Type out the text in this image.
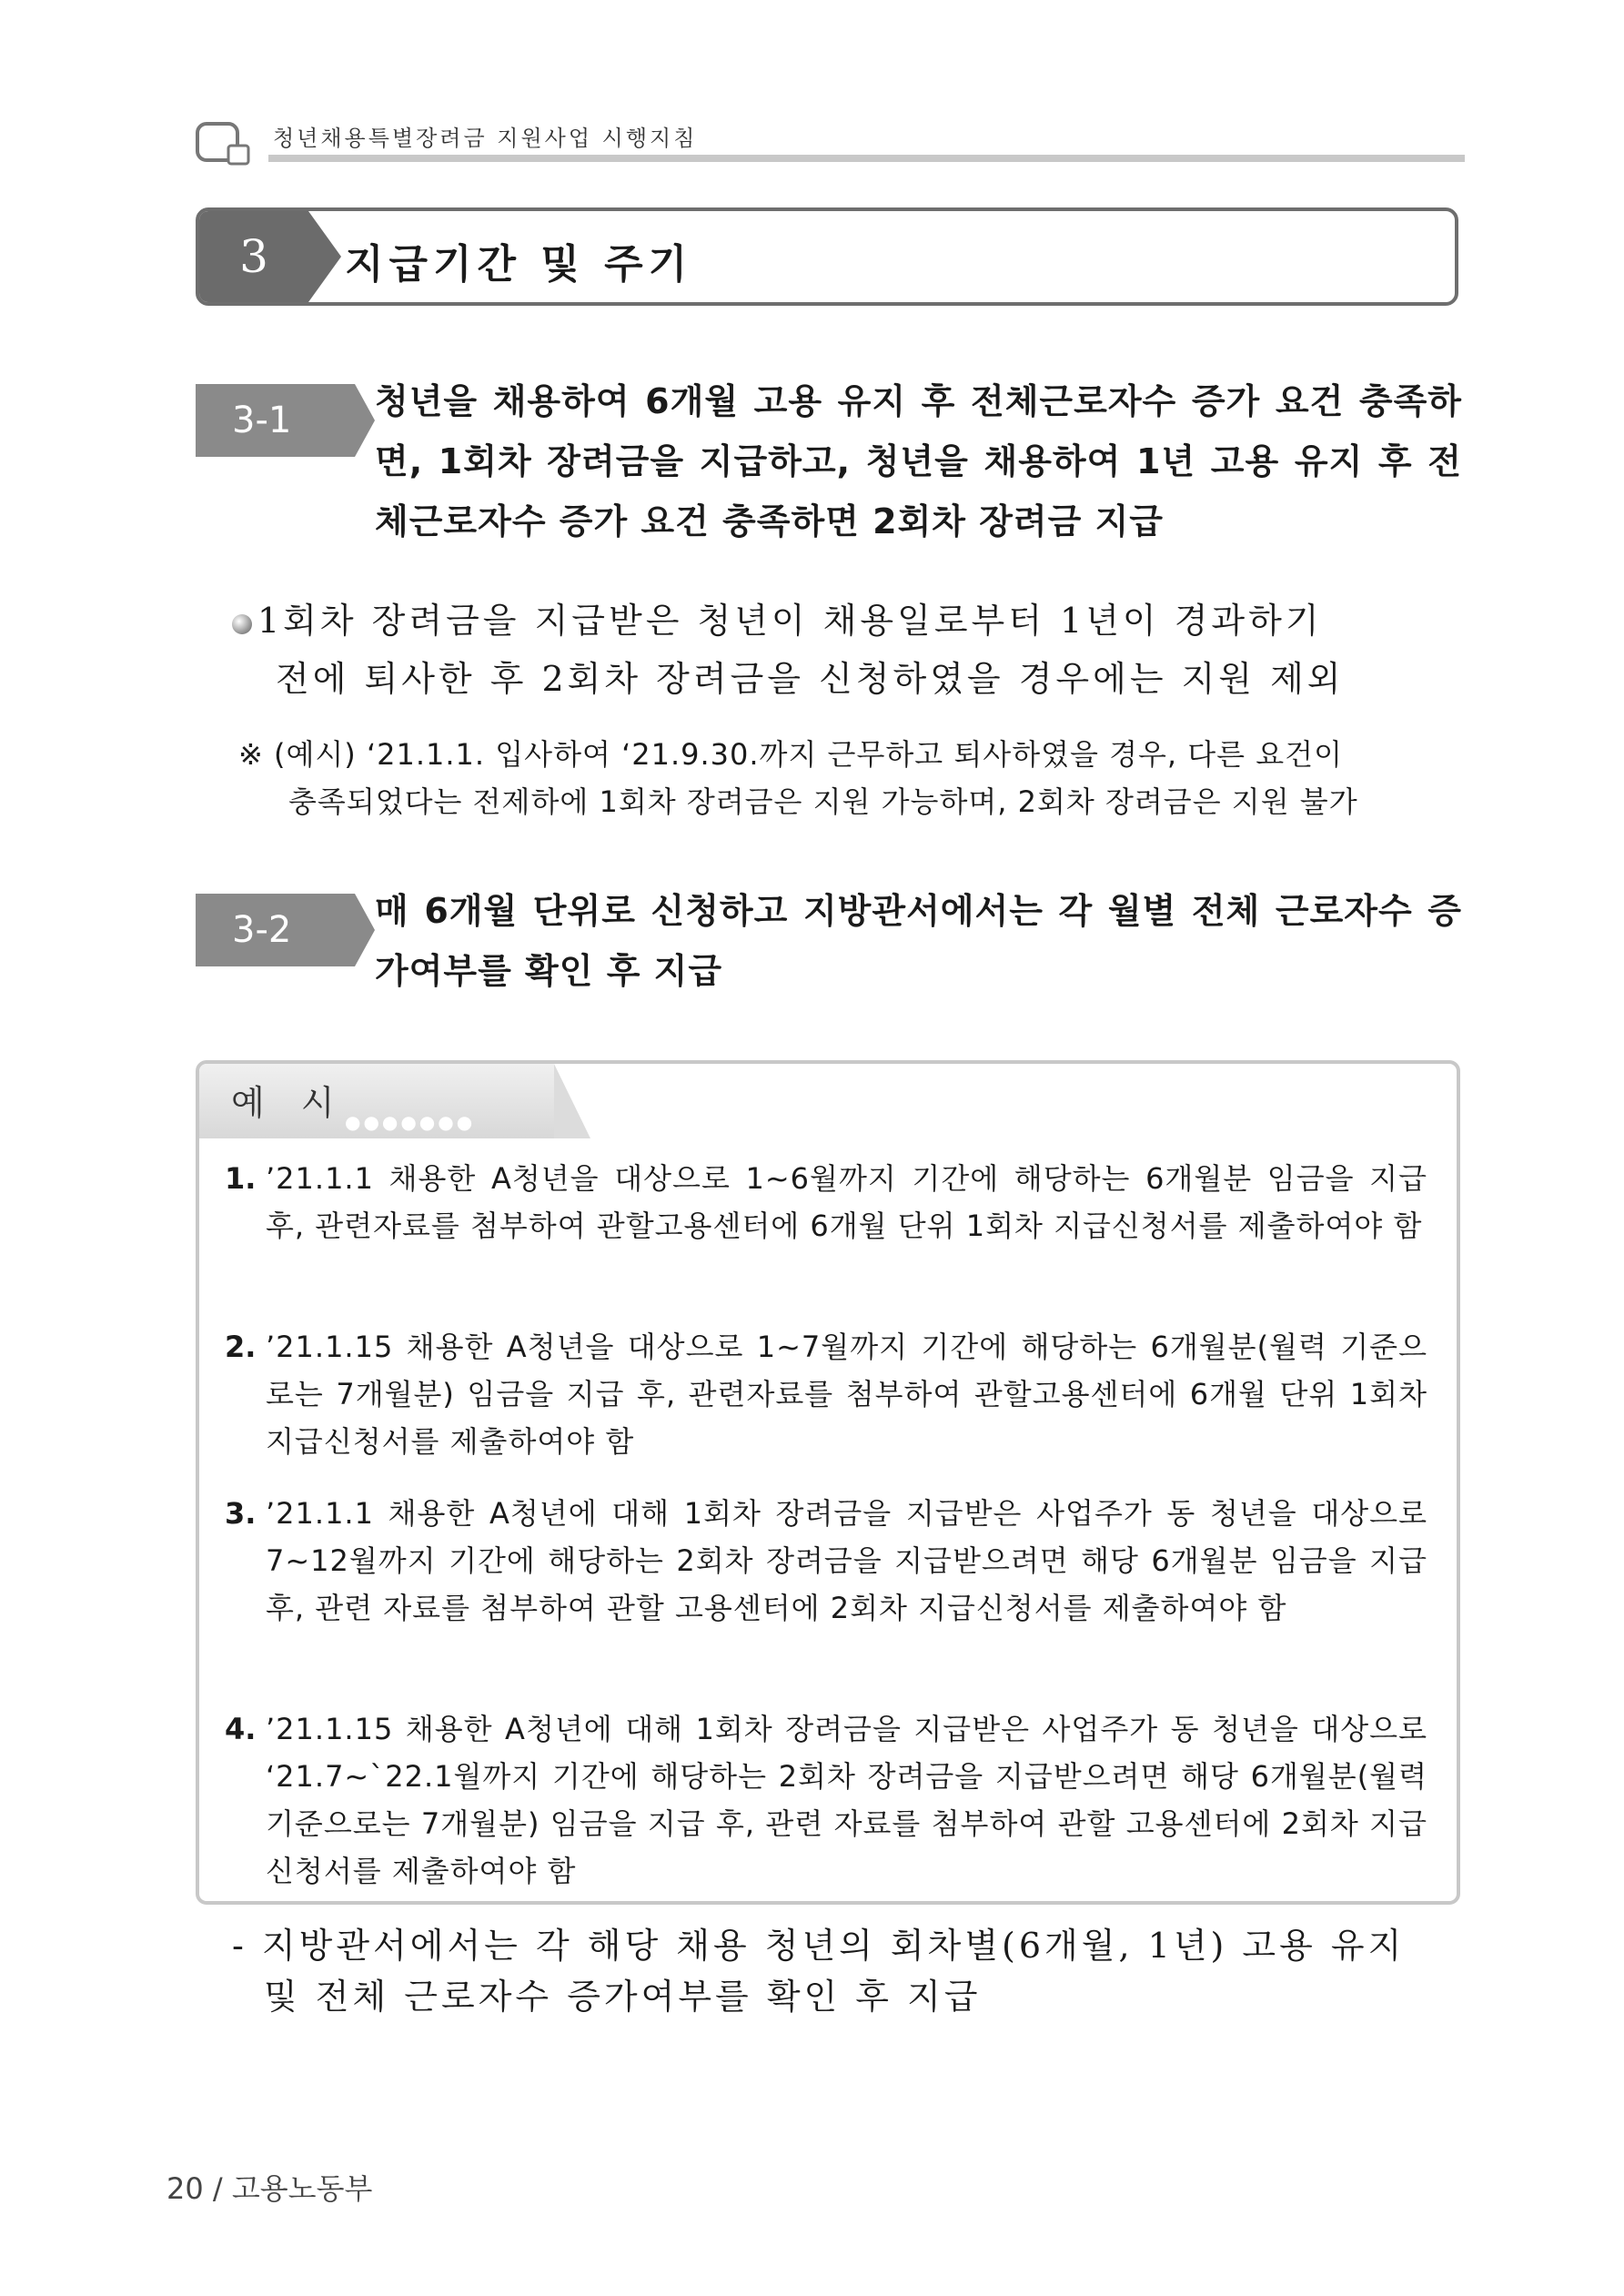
청년채용특별장려금 지원사업 시행지침
3	지급기간 및 주기
3-1	청년을 채용하여 6개월 고용 유지 후 전체근로자수 증가 요건 충족하면, 1회차 장려금을 지급하고, 청년을 채용하여 1년 고용 유지 후 전체근로자수 증가 요건 충족하면 2회차 장려금 지급
1회차 장려금을 지급받은 청년이 채용일로부터 1년이 경과하기
전에 퇴사한 후 2회차 장려금을 신청하였을 경우에는 지원 제외
※ (예시) ‘21.1.1. 입사하여 ‘21.9.30.까지 근무하고 퇴사하였을 경우, 다른 요건이
충족되었다는 전제하에 1회차 장려금은 지원 가능하며, 2회차 장려금은 지원 불가
3-2	매 6개월 단위로 신청하고 지방관서에서는 각 월별 전체 근로자수 증가여부를 확인 후 지급
예 시
●●●●●●●
1. ’21.1.1 채용한 A청년을 대상으로 1~6월까지 기간에 해당하는 6개월분 임금을 지급 후, 관련자료를 첨부하여 관할고용센터에 6개월 단위 1회차 지급신청서를 제출하여야 함
2. ’21.1.15 채용한 A청년을 대상으로 1~7월까지 기간에 해당하는 6개월분(월력 기준으로는 7개월분) 임금을 지급 후, 관련자료를 첨부하여 관할고용센터에 6개월 단위 1회차 지급신청서를 제출하여야 함
3. ’21.1.1 채용한 A청년에 대해 1회차 장려금을 지급받은 사업주가 동 청년을 대상으로 7~12월까지 기간에 해당하는 2회차 장려금을 지급받으려면 해당 6개월분 임금을 지급 후, 관련 자료를 첨부하여 관할 고용센터에 2회차 지급신청서를 제출하여야 함
4. ’21.1.15 채용한 A청년에 대해 1회차 장려금을 지급받은 사업주가 동 청년을 대상으로 ‘21.7~`22.1월까지 기간에 해당하는 2회차 장려금을 지급받으려면 해당 6개월분(월력 기준으로는 7개월분) 임금을 지급 후, 관련 자료를 첨부하여 관할 고용센터에 2회차 지급신청서를 제출하여야 함
- 지방관서에서는 각 해당 채용 청년의 회차별(6개월, 1년) 고용 유지
및 전체 근로자수 증가여부를 확인 후 지급
20 / 고용노동부
